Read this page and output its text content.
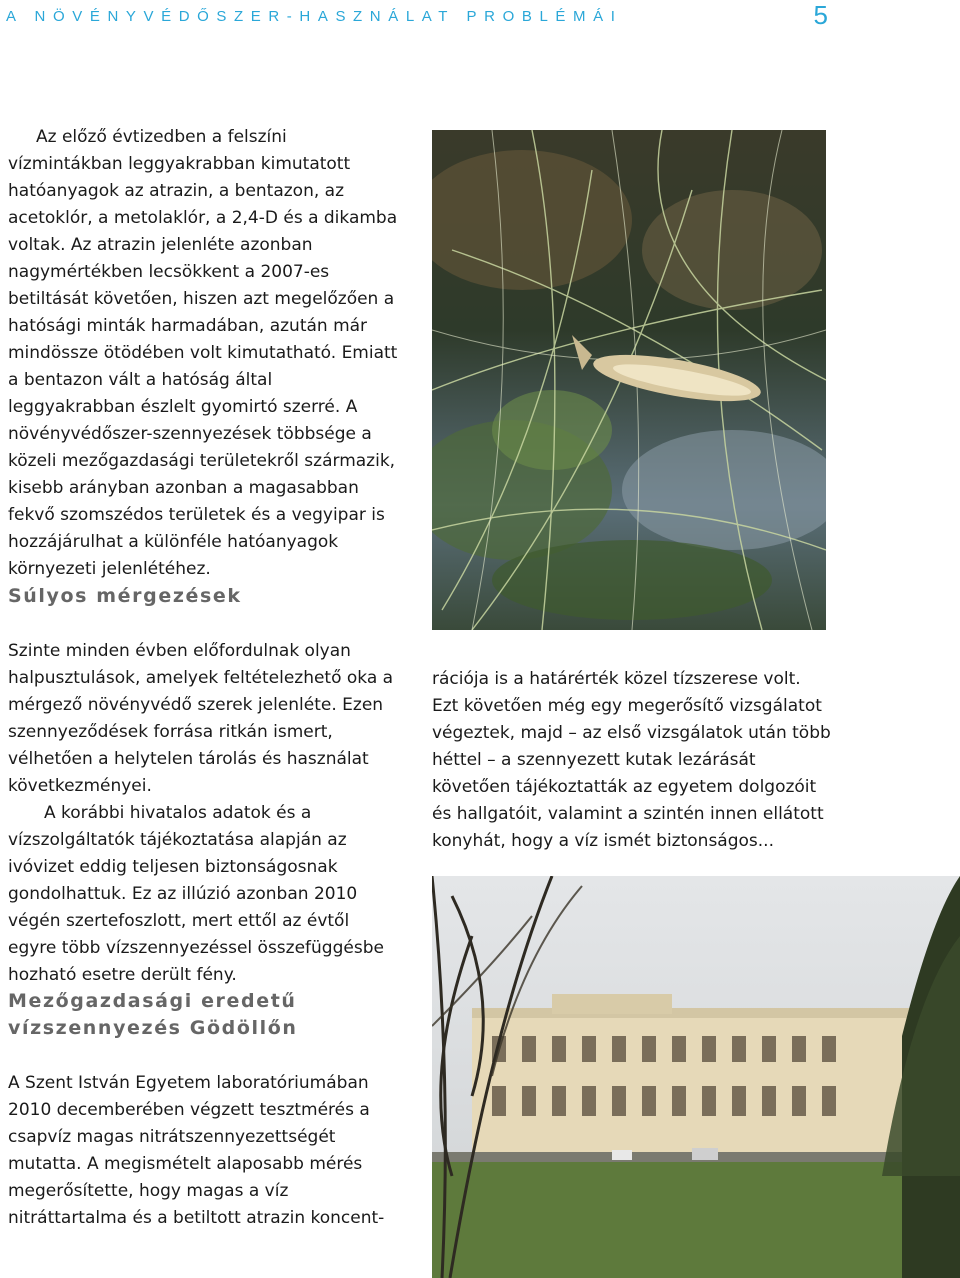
A NÖVÉNYVÉDŐSZER-HASZNÁLAT PROBLÉMÁI	5

Az előző évtizedben a felszíni vízmintákban leggyakrabban kimutatott hatóanyagok az atrazin, a bentazon, az acetoklór, a metolaklór, a 2,4-D és a dikamba voltak. Az atrazin jelenléte azonban nagymértékben lecsökkent a 2007-es betiltását követően, hiszen azt megelőzően a hatósági minták harmadában, azután már mindössze ötödében volt kimutatható. Emiatt a bentazon vált a hatóság által leggyakrabban észlelt gyomirtó szerré. A növényvédőszer-szennyezések többsége a közeli mezőgazdasági területekről származik, kisebb arányban azonban a magasabban fekvő szomszédos területek és a vegyipar is hozzájárulhat a különféle hatóanyagok környezeti jelenlétéhez.

Súlyos mérgezések

Szinte minden évben előfordulnak olyan halpusztulások, amelyek feltételezhető oka a mérgező növényvédő szerek jelenléte. Ezen szennyeződések forrása ritkán ismert, vélhetően a helytelen tárolás és használat következményei.

A korábbi hivatalos adatok és a vízszolgáltatók tájékoztatása alapján az ivóvizet eddig teljesen biztonságosnak gondolhattuk. Ez az illúzió azonban 2010 végén szertefoszlott, mert ettől az évtől egyre több vízszennyezéssel összefüggésbe hozható esetre derült fény.

Mezőgazdasági eredetű vízszennyezés Gödöllőn

A Szent István Egyetem laboratóriumában 2010 decemberében végzett tesztmérés a csapvíz magas nitrátszennyezettségét mutatta. A megismételt alaposabb mérés megerősítette, hogy magas a víz nitráttartalma és a betiltott atrazin koncent-

rációja is a határérték közel tízszerese volt. Ezt követően még egy megerősítő vizsgálatot végeztek, majd – az első vizsgálatok után több héttel – a szennyezett kutak lezárását követően tájékoztatták az egyetem dolgozóit és hallgatóit, valamint a szintén innen ellátott konyhát, hogy a víz ismét biztonságos...
